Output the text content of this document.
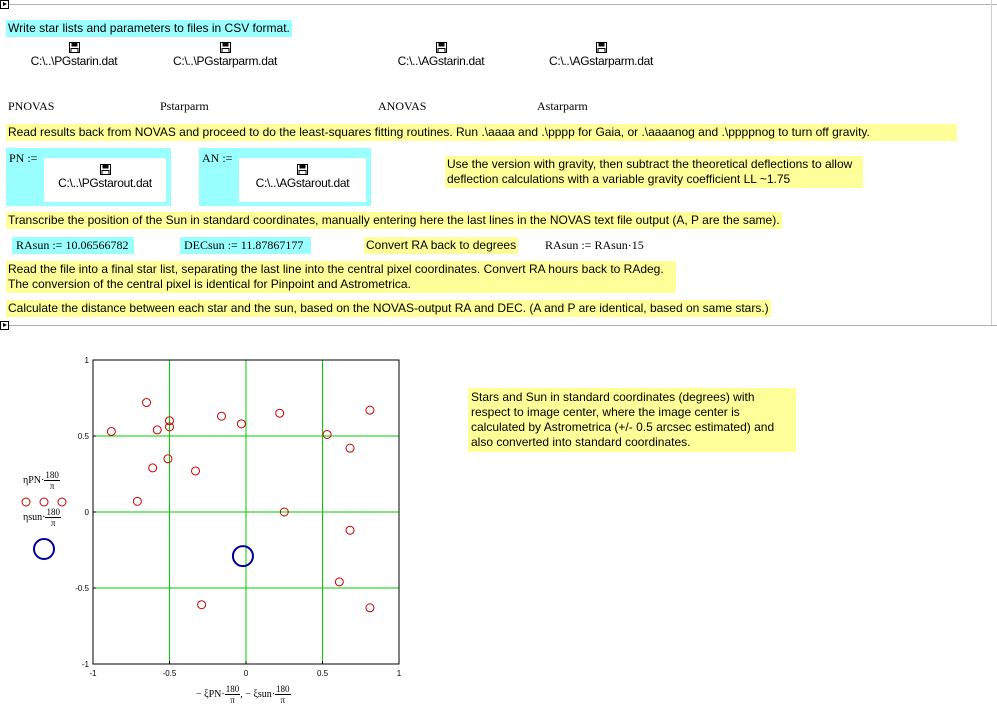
Write star lists and parameters to files in CSV format.
C:\..\PGstarin.dat	C:\..\PGstarparm.dat	C:\..\AGstarin.dat	C:\..\AGstarparm.dat
PNOVAS	Pstarparm	ANOVAS	Astarparm
Read results back from NOVAS and proceed to do the least-squares fitting routines. Run .\aaaa and .\pppp for Gaia, or .\aaaanog and .\ppppnog to turn off gravity.
PN :=
C:\..\PGstarout.dat
AN :=
C:\..\AGstarout.dat
Use the version with gravity, then subtract the theoretical deflections to allow deflection calculations with a variable gravity coefficient LL ~1.75
Transcribe the position of the Sun in standard coordinates, manually entering here the last lines in the NOVAS text file output (A, P are the same).
RAsun := 10.06566782	DECsun := 11.87867177	Convert RA back to degrees RAsun := RAsun·15
Read the file into a final star list, separating the last line into the central pixel coordinates. Convert RA hours back to RAdeg. The conversion of the central pixel is identical for Pinpoint and Astrometrica.
Calculate the distance between each star and the sun, based on the NOVAS-output RA and DEC. (A and P are identical, based on same stars.)
-1	-0.5	0	0.5	1
1
0.5
0
-0.5
-1
$\eta PN\cdot \frac{180}{\pi}$
$\eta sun\cdot \frac{180}{\pi}$
− $\xi PN\cdot \frac{180}{\pi}$ , − $\xi sun\cdot \frac{180}{\pi}$
Stars and Sun in standard coordinates (degrees) with respect to image center, where the image center is calculated by Astrometrica (+/- 0.5 arcsec estimated) and also converted into standard coordinates.
